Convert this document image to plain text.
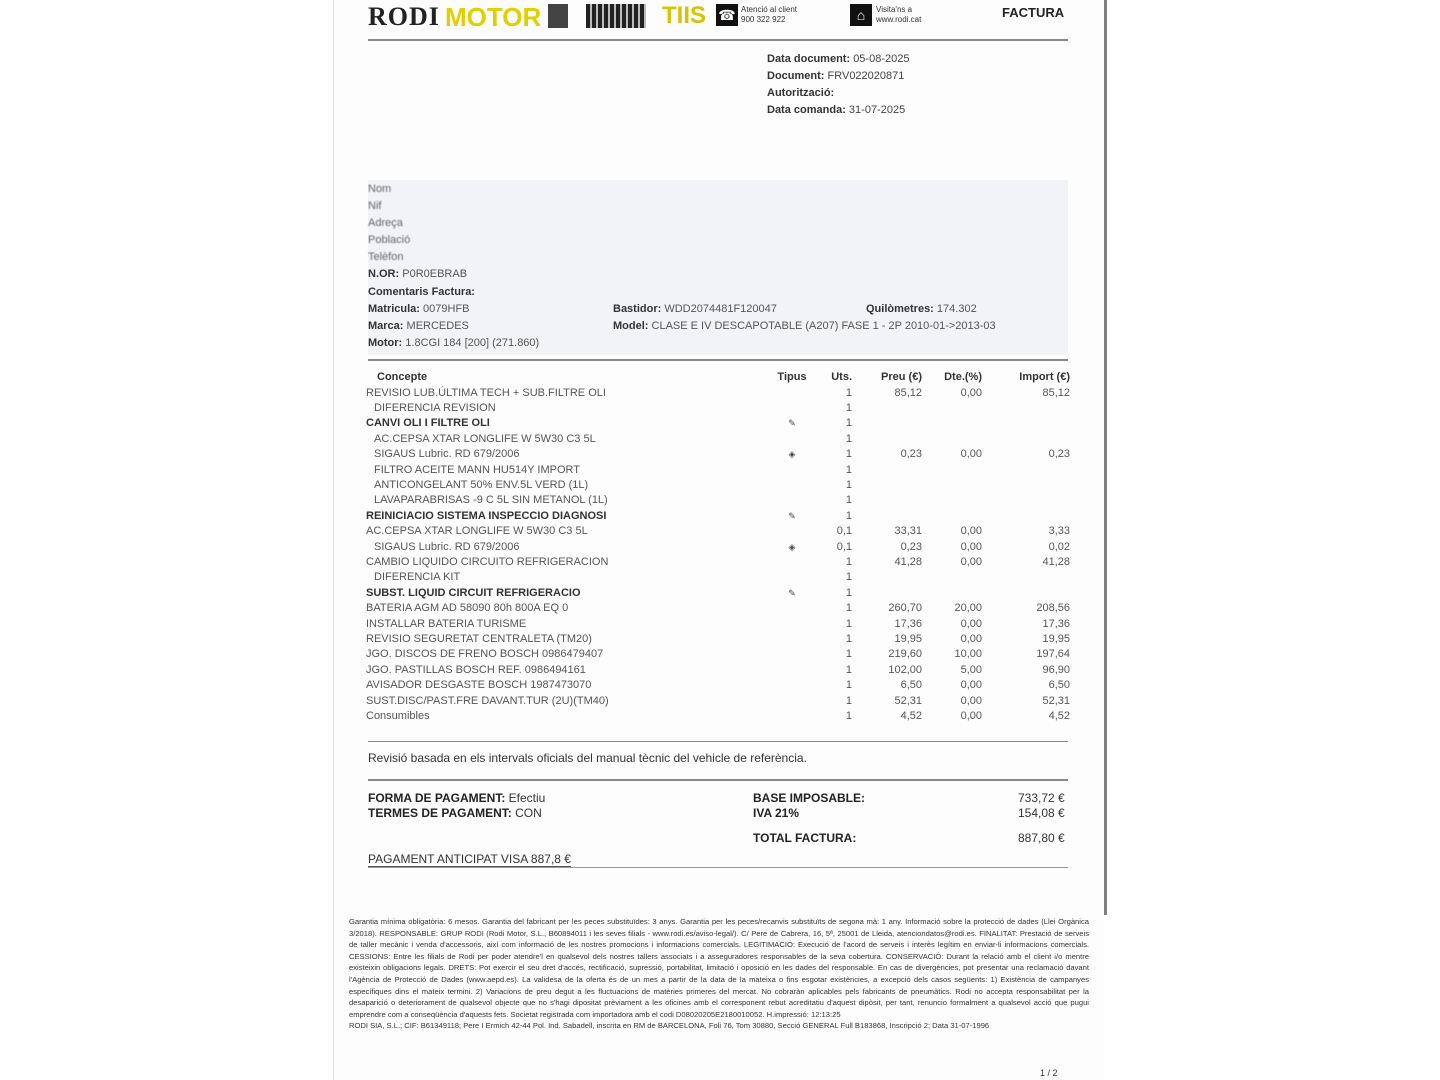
RODI MOTOR	TIIS ☎ Atenció al client
900 322 922	⌂	Visita'ns a
www.rodi.cat	FACTURA
Data document: 05-08-2025
Document: FRV022020871
Autorització:
Data comanda: 31-07-2025
Nom
Nif
Adreça
Població
Telèfon
N.OR: P0R0EBRAB
Comentaris Factura:
Matricula: 0079HFB	Bastidor: WDD2074481F120047	Quilòmetres: 174.302
Marca: MERCEDES	Model: CLASE E IV DESCAPOTABLE (A207) FASE 1 - 2P 2010-01->2013-03
Motor: 1.8CGI 184 [200] (271.860)
Concepte	Tipus	Uts.	Preu (€)	Dte.(%)	Import (€)
REVISIO LUB.ÚLTIMA TECH + SUB.FILTRE OLI		1	85,12	0,00	85,12
DIFERENCIA REVISION		1			
CANVI OLI I FILTRE OLI	✎	1			
AC.CEPSA XTAR LONGLIFE W 5W30 C3 5L		1			
SIGAUS Lubric. RD 679/2006	◈	1	0,23	0,00	0,23
FILTRO ACEITE MANN HU514Y IMPORT		1			
ANTICONGELANT 50% ENV.5L VERD (1L)		1			
LAVAPARABRISAS -9 C 5L SIN METANOL (1L)		1			
REINICIACIO SISTEMA INSPECCIO DIAGNOSI	✎	1			
AC.CEPSA XTAR LONGLIFE W 5W30 C3 5L		0,1	33,31	0,00	3,33
SIGAUS Lubric. RD 679/2006	◈	0,1	0,23	0,00	0,02
CAMBIO LIQUIDO CIRCUITO REFRIGERACION		1	41,28	0,00	41,28
DIFERENCIA KIT		1			
SUBST. LIQUID CIRCUIT REFRIGERACIO	✎	1			
BATERIA AGM AD 58090 80h 800A EQ 0		1	260,70	20,00	208,56
INSTALLAR BATERIA TURISME		1	17,36	0,00	17,36
REVISIO SEGURETAT CENTRALETA (TM20)		1	19,95	0,00	19,95
JGO. DISCOS DE FRENO BOSCH 0986479407		1	219,60	10,00	197,64
JGO. PASTILLAS BOSCH REF. 0986494161		1	102,00	5,00	96,90
AVISADOR DESGASTE BOSCH 1987473070		1	6,50	0,00	6,50
SUST.DISC/PAST.FRE DAVANT.TUR (2U)(TM40)		1	52,31	0,00	52,31
Consumibles		1	4,52	0,00	4,52
Revisió basada en els intervals oficials del manual tècnic del vehicle de referència.
FORMA DE PAGAMENT: Efectiu
TERMES DE PAGAMENT: CON
BASE IMPOSABLE:	733,72 €
IVA 21%	154,08 €
TOTAL FACTURA:	887,80 €
PAGAMENT ANTICIPAT VISA 887,8 €
Garantia mínima obligatòria: 6 mesos. Garantia del fabricant per les peces substituïdes: 3 anys. Garantia per les peces/recanvis substituïts de segona mà: 1 any. Informació sobre la protecció de dades (Llei Orgànica 3/2018). RESPONSABLE: GRUP RODI (Rodi Motor, S.L., B60894011 i les seves filials - www.rodi.es/aviso-legal/). C/ Pere de Cabrera, 16, 5ª, 25001 de Lleida, atenciondatos@rodi.es. FINALITAT: Prestació de serveis de taller mecànic i venda d'accessoris, així com informació de les nostres promocions i informacions comercials. LEGITIMACIÓ: Execució de l'acord de serveis i interès legítim en enviar-li informacions comercials. CESSIONS: Entre les filials de Rodi per poder atendre'l en qualsevol dels nostres tallers associats i a asseguradores responsables de la seva cobertura. CONSERVACIÓ: Durant la relació amb el client i/o mentre existeixin obligacions legals. DRETS: Pot exercir el seu dret d'accés, rectificació, supressió, portabilitat, limitació i oposició en les dades del responsable. En cas de divergències, pot presentar una reclamació davant l'Agència de Protecció de Dades (www.aepd.es). La validesa de la oferta és de un mes a partir de la data de la mateixa o fins esgotar existències, a excepció dels casos següents: 1) Existència de campanyes específiques dins el mateix termini. 2) Variacions de preu degut a les fluctuacions de matèries primeres del mercat. No cobraràn aplicables pels fabricants de pneumàtics. Rodi no accepta responsabilitat per la desaparició o deteriorament de qualsevol objecte que no s'hagi dipositat prèviament a les oficines amb el corresponent rebut acreditatiu d'aquest dipòsit, per tant, renuncio formalment a qualsevol acció que pugui emprendre com a conseqüència d'aquests fets. Societat registrada com importadora amb el codi D08020205E2180010052. H.impressió: 12:13:25
RODI SIA, S.L.; CIF: B61349118; Pere I Ermich 42-44 Pol. Ind. Sabadell, inscrita en RM de BARCELONA, Foli 76, Tom 30880, Secció GENERAL Full B183868, Inscripció 2; Data 31-07-1996
1 / 2
